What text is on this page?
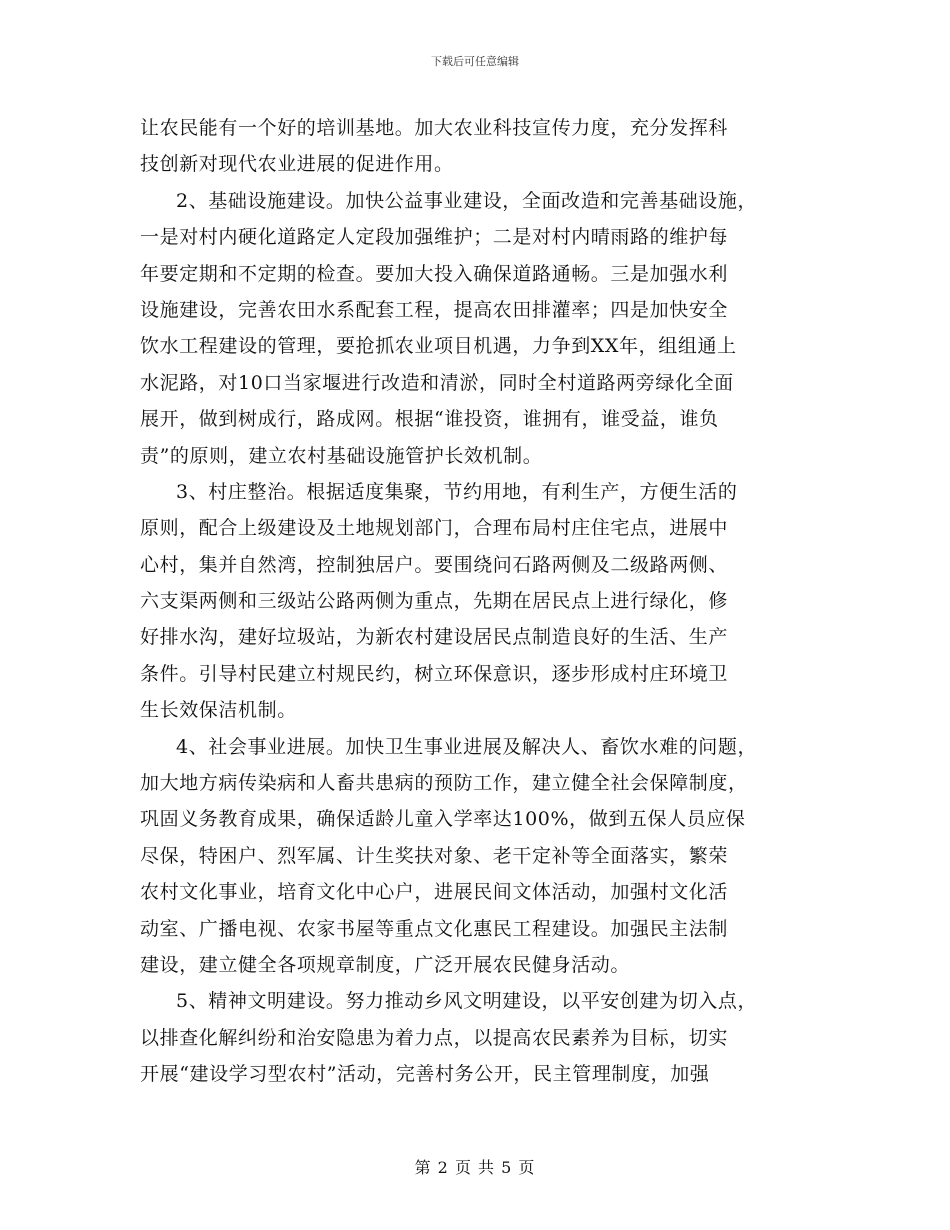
下载后可任意编辑
让农民能有一个好的培训基地。加大农业科技宣传力度，充分发挥科
技创新对现代农业进展的促进作用。
2、基础设施建设。加快公益事业建设，全面改造和完善基础设施，
一是对村内硬化道路定人定段加强维护；二是对村内晴雨路的维护每
年要定期和不定期的检查。要加大投入确保道路通畅。三是加强水利
设施建设，完善农田水系配套工程，提高农田排灌率；四是加快安全
饮水工程建设的管理，要抢抓农业项目机遇，力争到XX年，组组通上
水泥路，对10口当家堰进行改造和清淤，同时全村道路两旁绿化全面
展开，做到树成行，路成网。根据“谁投资，谁拥有，谁受益，谁负
责”的原则，建立农村基础设施管护长效机制。
3、村庄整治。根据适度集聚，节约用地，有利生产，方便生活的
原则，配合上级建设及土地规划部门，合理布局村庄住宅点，进展中
心村，集并自然湾，控制独居户。要围绕问石路两侧及二级路两侧、
六支渠两侧和三级站公路两侧为重点，先期在居民点上进行绿化，修
好排水沟，建好垃圾站，为新农村建设居民点制造良好的生活、生产
条件。引导村民建立村规民约，树立环保意识，逐步形成村庄环境卫
生长效保洁机制。
4、社会事业进展。加快卫生事业进展及解决人、畜饮水难的问题，
加大地方病传染病和人畜共患病的预防工作，建立健全社会保障制度，
巩固义务教育成果，确保适龄儿童入学率达100%，做到五保人员应保
尽保，特困户、烈军属、计生奖扶对象、老干定补等全面落实，繁荣
农村文化事业，培育文化中心户，进展民间文体活动，加强村文化活
动室、广播电视、农家书屋等重点文化惠民工程建设。加强民主法制
建设，建立健全各项规章制度，广泛开展农民健身活动。
5、精神文明建设。努力推动乡风文明建设，以平安创建为切入点，
以排查化解纠纷和治安隐患为着力点，以提高农民素养为目标，切实
开展“建设学习型农村”活动，完善村务公开，民主管理制度，加强
第 2 页 共 5 页
